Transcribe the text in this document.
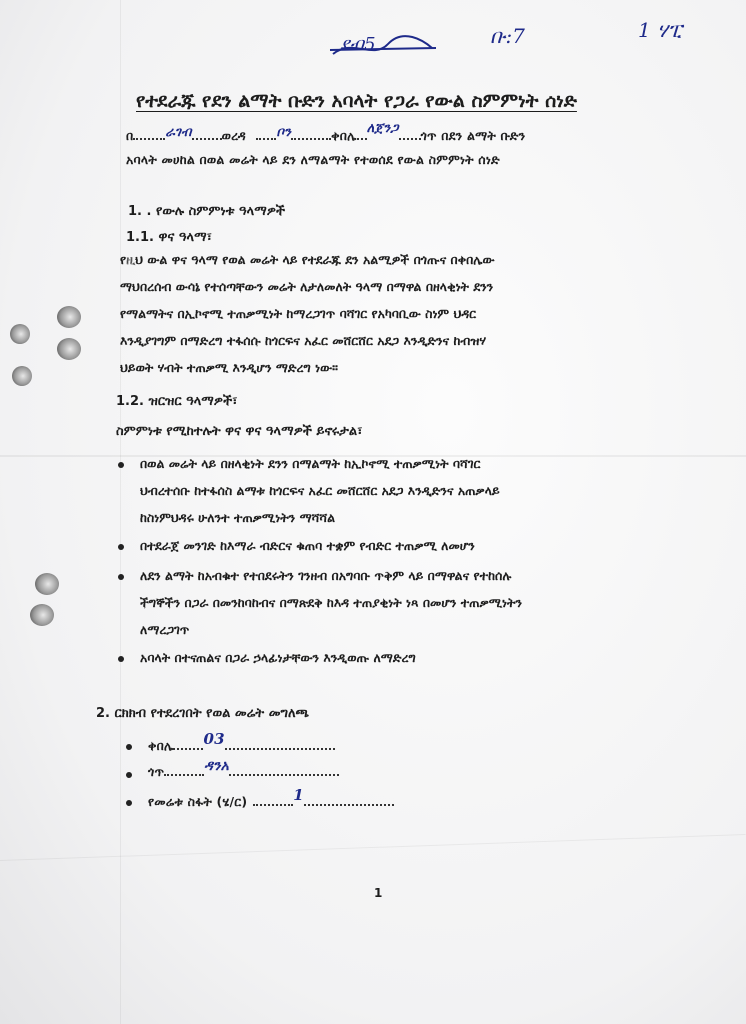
ደብ5	ቡ:7	1 ሃፒ
የተደራጁ የደን ልማት ቡድን አባላት የጋራ የውል ስምምነት ሰነድ
በ ራገብ ወረዳ ቦን	ቀበሌ ለጀንጋ ጎጥ በደን ልማት ቡድን
አባላት መሀከል በወል መሬት ላይ ደን ለማልማት የተወሰደ የውል ስምምነት ሰነድ
1. . የውሉ ስምምነቱ ዓላማዎች
1.1. ዋና ዓላማ፣
የዚህ ውል ዋና ዓላማ የወል መሬት ላይ የተደራጁ ደን አልሚዎች በጎጡና በቀበሌው
ማህበረሰብ ውሳኔ የተሰጣቸውን መሬት ለታለመለት ዓላማ በማዋል በዘላቂነት ደንን
የማልማትና በኢኮኖሚ ተጠቃሚነት ከማረጋገጥ ባሻገር የአካባቢው ስነም ህዳር
እንዲያገግም በማድረግ ተፋሰሱ ከጎርፍና አፈር መሸርሸር አደጋ እንዲድንና ከብዝሃ
ህይወት ሃብት ተጠቃሚ እንዲሆን ማድረግ ነው።
1.2. ዝርዝር ዓላማዎች፣
ስምምነቱ የሚከተሉት ዋና ዋና ዓላማዎች ይኖሩታል፣
በወል መሬት ላይ በዘላቂነት ደንን በማልማት ከኢኮኖሚ ተጠቃሚነት ባሻገር
ህብረተሰቡ ከተፋሰስ ልማቱ ከጎርፍና አፈር መሸርሸር አደጋ እንዲድንና አጠቃላይ
ከስነምህዳሩ ሁለንተ ተጠቃሚነትን ማሻሻል
በተደራጀ መንገድ ከእማራ ብድርና ቁጠባ ተቋም የብድር ተጠቃሚ ለመሆን
ለደን ልማት ከአብቁተ የተበደሩትን ገንዘብ በአግባቡ ጥቅም ላይ በማዋልና የተከሰሉ
ችግኞችን በጋራ በመንከባከብና በማጽደቅ ከእዳ ተጠያቂነት ነጻ በመሆን ተጠቃሚነትን
ለማረጋገጥ
አባላት በተናጠልና በጋራ ኃላፊነታቸውን እንዲወጡ ለማድረግ
2. ርክክብ የተደረገበት የወል መሬት መግለጫ
ቀበሌ 03
ጎጥ	ዳንአ
የመሬቱ ስፋት (ሄ/ር)	1
1
